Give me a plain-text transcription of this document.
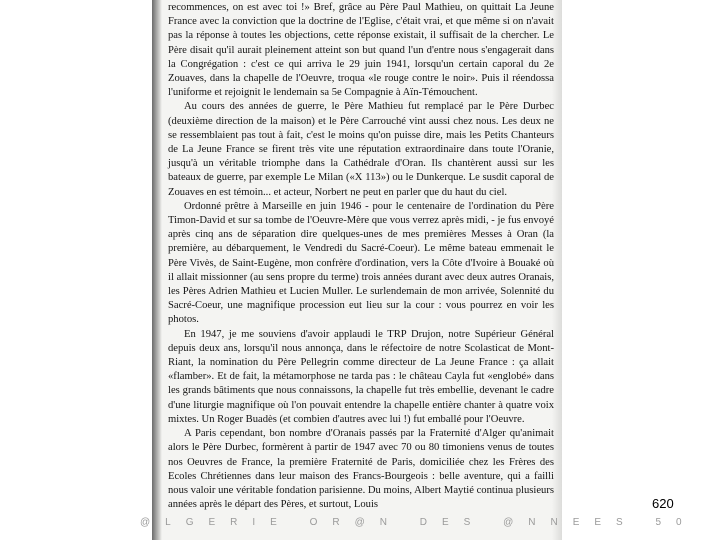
recommences, on est avec toi !» Bref, grâce au Père Paul Mathieu, on quittait La Jeune France avec la conviction que la doctrine de l'Eglise, c'était vrai, et que même si on n'avait pas la réponse à toutes les objections, cette réponse existait, il suffisait de la chercher. Le Père disait qu'il aurait pleinement atteint son but quand l'un d'entre nous s'engagerait dans la Congrégation : c'est ce qui arriva le 29 juin 1941, lorsqu'un certain caporal du 2e Zouaves, dans la chapelle de l'Oeuvre, troqua «le rouge contre le noir». Puis il réendossa l'uniforme et rejoignit le lendemain sa 5e Compagnie à Aïn-Témouchent.

Au cours des années de guerre, le Père Mathieu fut remplacé par le Père Durbec (deuxième direction de la maison) et le Père Carrouché vint aussi chez nous. Les deux ne se ressemblaient pas tout à fait, c'est le moins qu'on puisse dire, mais les Petits Chanteurs de La Jeune France se firent très vite une réputation extraordinaire dans toute l'Oranie, jusqu'à un véritable triomphe dans la Cathédrale d'Oran. Ils chantèrent aussi sur les bateaux de guerre, par exemple Le Milan («X 113») ou le Dunkerque. Le susdit caporal de Zouaves en est témoin... et acteur, Norbert ne peut en parler que du haut du ciel.

Ordonné prêtre à Marseille en juin 1946 - pour le centenaire de l'ordination du Père Timon-David et sur sa tombe de l'Oeuvre-Mère que vous verrez après midi, - je fus envoyé après cinq ans de séparation dire quelques-unes de mes premières Messes à Oran (la première, au débarquement, le Vendredi du Sacré-Coeur). Le même bateau emmenait le Père Vivès, de Saint-Eugène, mon confrère d'ordination, vers la Côte d'Ivoire à Bouaké où il allait missionner (au sens propre du terme) trois années durant avec deux autres Oranais, les Pères Adrien Mathieu et Lucien Muller. Le surlendemain de mon arrivée, Solennité du Sacré-Coeur, une magnifique procession eut lieu sur la cour : vous pourrez en voir les photos.

En 1947, je me souviens d'avoir applaudi le TRP Drujon, notre Supérieur Général depuis deux ans, lorsqu'il nous annonça, dans le réfectoire de notre Scolasticat de Mont-Riant, la nomination du Père Pellegrin comme directeur de La Jeune France : ça allait «flamber». Et de fait, la métamorphose ne tarda pas : le château Cayla fut «englobé» dans les grands bâtiments que nous connaissons, la chapelle fut très embellie, devenant le cadre d'une liturgie magnifique où l'on pouvait entendre la chapelle entière chanter à quatre voix mixtes. Un Roger Buadès (et combien d'autres avec lui !) fut emballé pour l'Oeuvre.

A Paris cependant, bon nombre d'Oranais passés par la Fraternité d'Alger qu'animait alors le Père Durbec, formèrent à partir de 1947 avec 70 ou 80 timoniens venus de toutes nos Oeuvres de France, la première Fraternité de Paris, domiciliée chez les Frères des Ecoles Chrétiennes dans leur maison des Francs-Bourgeois : belle aventure, qui a failli nous valoir une véritable fondation parisienne. Du moins, Albert Maytié continua plusieurs années après le départ des Pères, et surtout, Louis	620
@LGERIE OR@N DES @NNEES 50
